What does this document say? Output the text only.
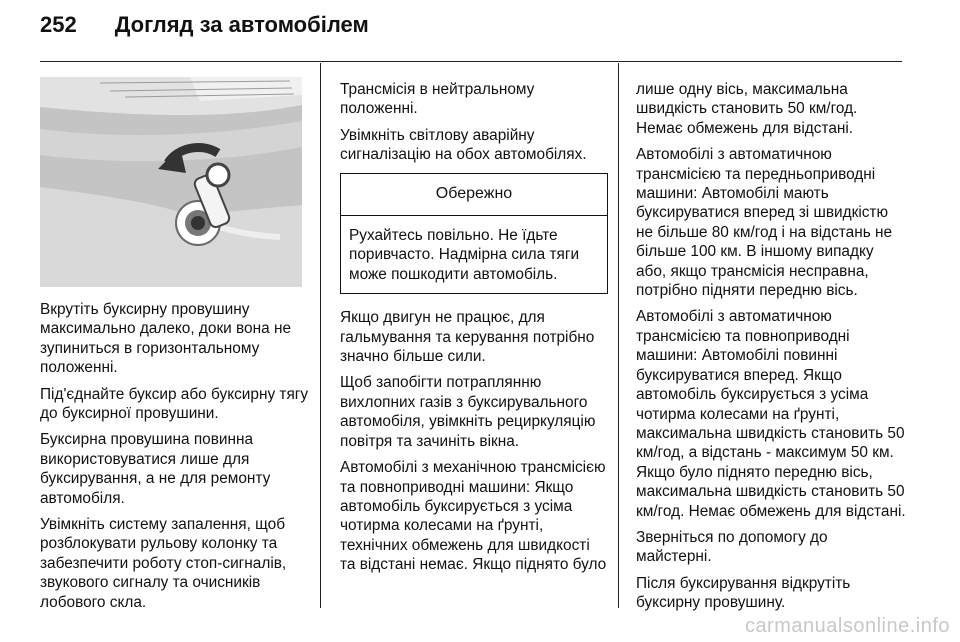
252 Догляд за автомобілем

Вкрутіть буксирну провушину максимально далеко, доки вона не зупиниться в горизонтальному положенні.

Під'єднайте буксир або буксирну тягу до буксирної провушини.

Буксирна провушина повинна використовуватися лише для буксирування, а не для ремонту автомобіля.

Увімкніть систему запалення, щоб розблокувати рульову колонку та забезпечити роботу стоп-сигналів, звукового сигналу та очисників лобового скла.

Трансмісія в нейтральному положенні.

Увімкніть світлову аварійну сигналізацію на обох автомобілях.

Обережно
Рухайтесь повільно. Не їдьте поривчасто. Надмірна сила тяги може пошкодити автомобіль.

Якщо двигун не працює, для гальмування та керування потрібно значно більше сили.

Щоб запобігти потраплянню вихлопних газів з буксирувального автомобіля, увімкніть рециркуляцію повітря та зачиніть вікна.

Автомобілі з механічною трансмісією та повноприводні машини: Якщо автомобіль буксирується з усіма чотирма колесами на ґрунті, технічних обмежень для швидкості та відстані немає. Якщо піднято було

лише одну вісь, максимальна швидкість становить 50 км/год. Немає обмежень для відстані.

Автомобілі з автоматичною трансмісією та передньоприводні машини: Автомобілі мають буксируватися вперед зі швидкістю не більше 80 км/год і на відстань не більше 100 км. В іншому випадку або, якщо трансмісія несправна, потрібно підняти передню вісь.

Автомобілі з автоматичною трансмісією та повноприводні машини: Автомобілі повинні буксируватися вперед. Якщо автомобіль буксирується з усіма чотирма колесами на ґрунті, максимальна швидкість становить 50 км/год, а відстань - максимум 50 км. Якщо було піднято передню вісь, максимальна швидкість становить 50 км/год. Немає обмежень для відстані.

Зверніться по допомогу до майстерні.

Після буксирування відкрутіть буксирну провушину.

carmanualsonline.info
